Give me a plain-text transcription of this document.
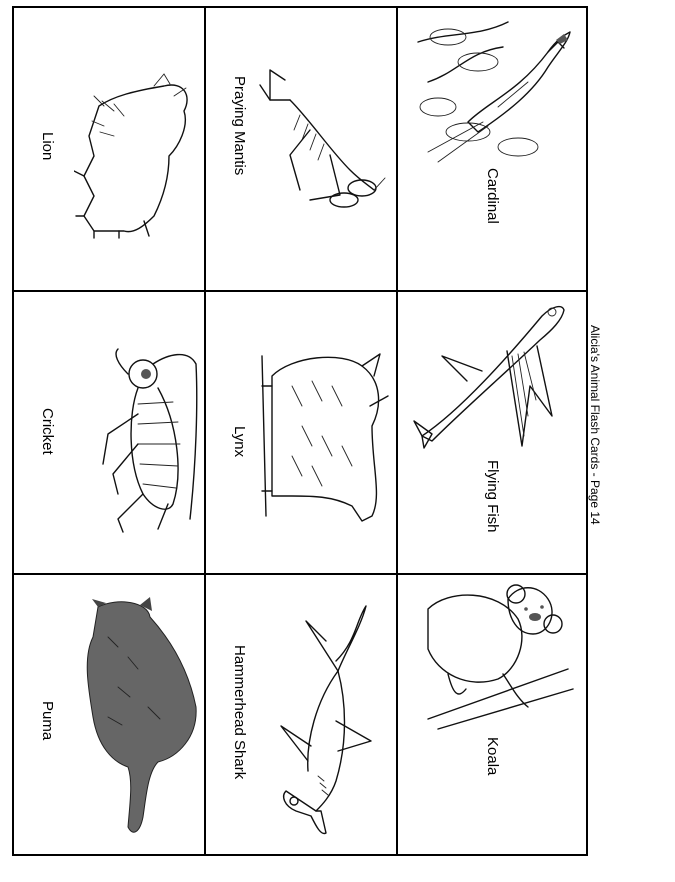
Alicia's Animal Flash Cards - Page 14
Cardinal
Flying Fish
Koala
Praying Mantis
Lynx
Hammerhead Shark
Lion
Cricket
Puma
